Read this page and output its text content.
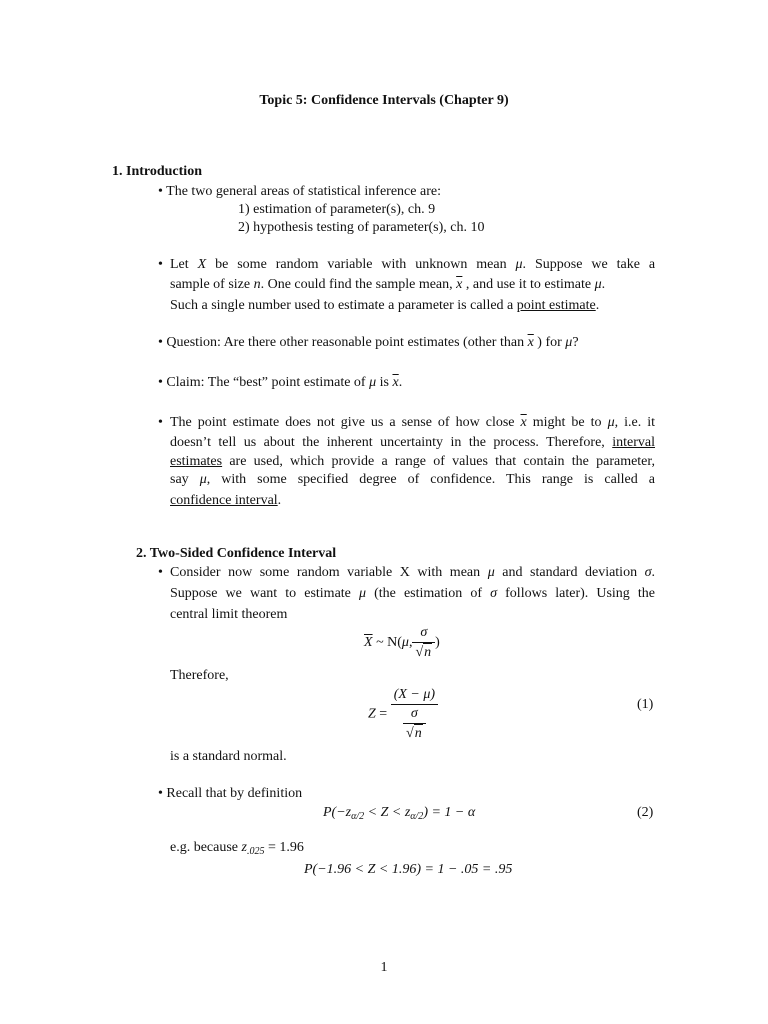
Topic 5: Confidence Intervals (Chapter 9)
1. Introduction
• The two general areas of statistical inference are:
1) estimation of parameter(s), ch. 9
2) hypothesis testing of parameter(s), ch. 10
• Let X be some random variable with unknown mean μ. Suppose we take a
sample of size n. One could find the sample mean, $\overline{x}$ , and use it to estimate μ.
Such a single number used to estimate a parameter is called a point estimate.
• Question: Are there other reasonable point estimates (other than $\overline{x}$ ) for μ?
• Claim: The “best” point estimate of μ is $\overline{x}$.
• The point estimate does not give us a sense of how close $\overline{x}$ might be to μ, i.e. it
doesn’t tell us about the inherent uncertainty in the process. Therefore, interval
estimates are used, which provide a range of values that contain the parameter,
say μ, with some specified degree of confidence. This range is called a
confidence interval.
2. Two-Sided Confidence Interval
• Consider now some random variable X with mean μ and standard deviation σ.
Suppose we want to estimate μ (the estimation of σ follows later). Using the
central limit theorem
$\overline{X}$ ~ N(μ, $\frac{\sigma}{√n}$ )
Therefore,
$Z = \frac{(X - \mu)}{\frac{\sigma}{√n}}$	(1)
is a standard normal.
• Recall that by definition
$P(-z_{\alpha/2} < Z < z_{\alpha/2}) = 1 - \alpha$	(2)
e.g. because $z_{.025} = 1.96$
P(−1.96 < Z < 1.96) = 1 − .05 = .95
1
